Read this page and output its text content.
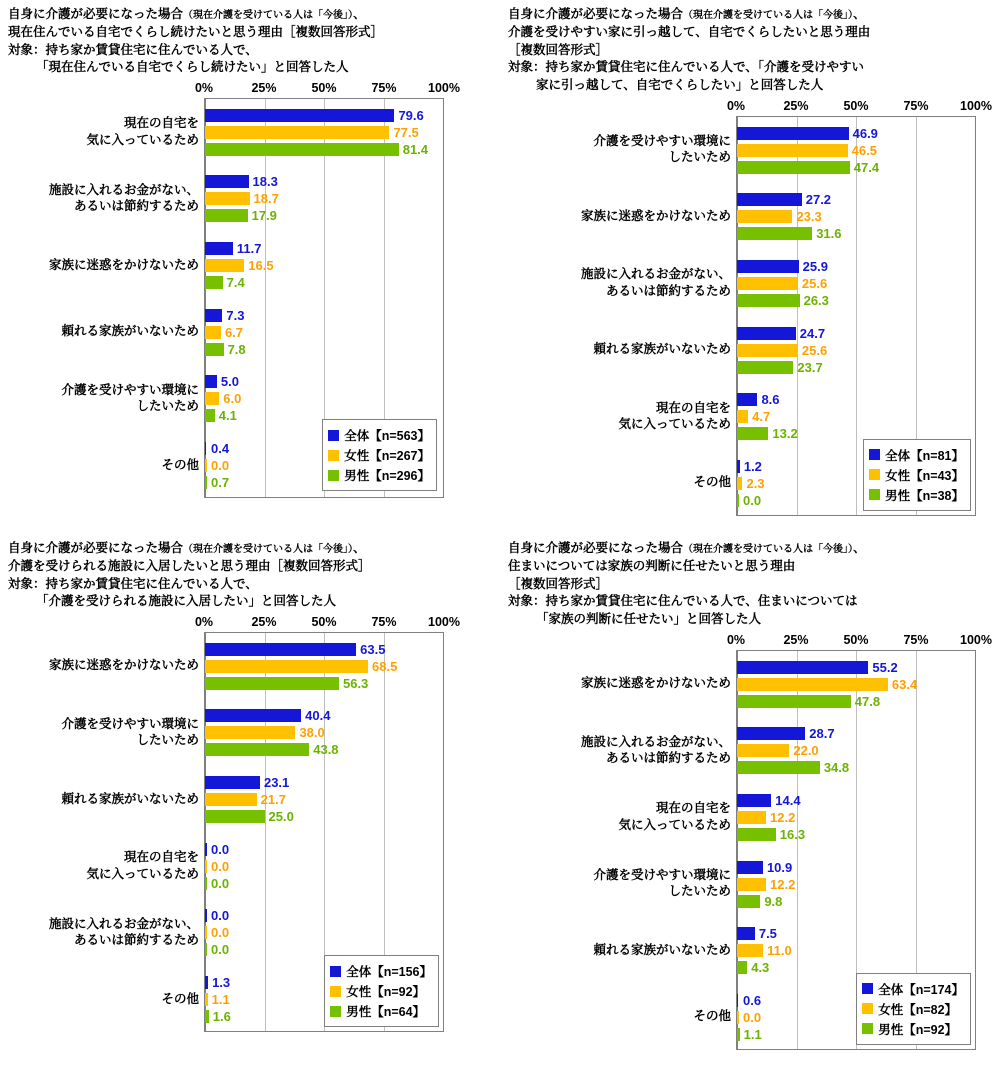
自身に介護が必要になった場合（現在介護を受けている人は「今後」）、
現在住んでいる自宅でくらし続けたいと思う理由［複数回答形式］
対象：持ち家か賃貸住宅に住んでいる人で、
「現在住んでいる自宅でくらし続けたい」と回答した人
0%	25%	50%	75%	100%
現在の自宅を
気に入っているため
79.6
77.5
81.4
施設に入れるお金がない、
あるいは節約するため
18.3
18.7
17.9
家族に迷惑をかけないため
11.7
16.5
7.4
頼れる家族がいないため
7.3
6.7
7.8
介護を受けやすい環境に
したいため
5.0
6.0
4.1
その他
0.4
0.0
0.7
全体【n=563】
女性【n=267】
男性【n=296】
自身に介護が必要になった場合（現在介護を受けている人は「今後」）、
介護を受けやすい家に引っ越して、自宅でくらしたいと思う理由
［複数回答形式］
対象：持ち家か賃貸住宅に住んでいる人で、「介護を受けやすい
家に引っ越して、自宅でくらしたい」と回答した人
0%	25%	50%	75%	100%
介護を受けやすい環境に
したいため
46.9
46.5
47.4
家族に迷惑をかけないため
27.2
23.3
31.6
施設に入れるお金がない、
あるいは節約するため
25.9
25.6
26.3
頼れる家族がいないため
24.7
25.6
23.7
現在の自宅を
気に入っているため
8.6
4.7
13.2
その他
1.2
2.3
0.0
全体【n=81】
女性【n=43】
男性【n=38】
自身に介護が必要になった場合（現在介護を受けている人は「今後」）、
介護を受けられる施設に入居したいと思う理由［複数回答形式］
対象：持ち家か賃貸住宅に住んでいる人で、
「介護を受けられる施設に入居したい」と回答した人
0%	25%	50%	75%	100%
家族に迷惑をかけないため
63.5
68.5
56.3
介護を受けやすい環境に
したいため
40.4
38.0
43.8
頼れる家族がいないため
23.1
21.7
25.0
現在の自宅を
気に入っているため
0.0
0.0
0.0
施設に入れるお金がない、
あるいは節約するため
0.0
0.0
0.0
その他
1.3
1.1
1.6
全体【n=156】
女性【n=92】
男性【n=64】
自身に介護が必要になった場合（現在介護を受けている人は「今後」）、
住まいについては家族の判断に任せたいと思う理由
［複数回答形式］
対象：持ち家か賃貸住宅に住んでいる人で、住まいについては
「家族の判断に任せたい」と回答した人
0%	25%	50%	75%	100%
家族に迷惑をかけないため
55.2
63.4
47.8
施設に入れるお金がない、
あるいは節約するため
28.7
22.0
34.8
現在の自宅を
気に入っているため
14.4
12.2
16.3
介護を受けやすい環境に
したいため
10.9
12.2
9.8
頼れる家族がいないため
7.5
11.0
4.3
その他
0.6
0.0
1.1
全体【n=174】
女性【n=82】
男性【n=92】
